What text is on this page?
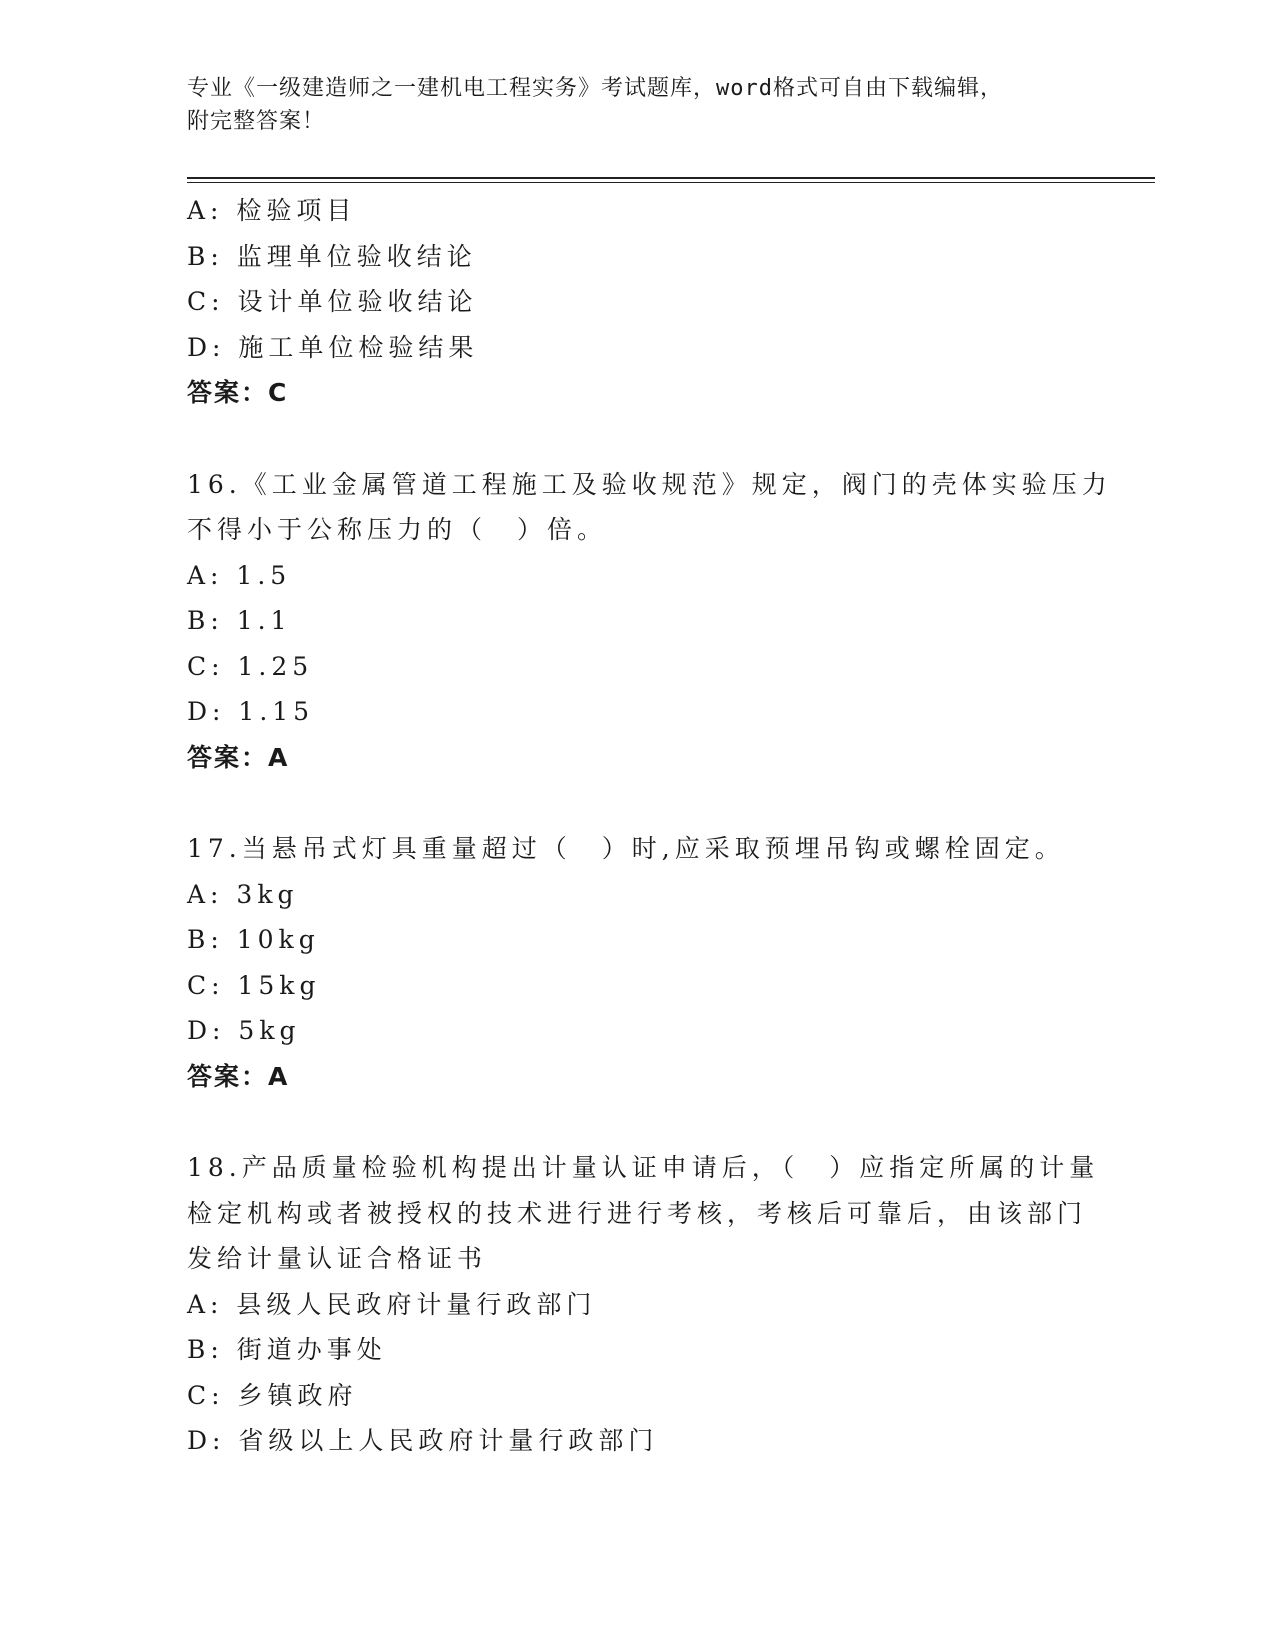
专业《一级建造师之一建机电工程实务》考试题库，word格式可自由下载编辑，
附完整答案！
A: 检验项目
B: 监理单位验收结论
C: 设计单位验收结论
D: 施工单位检验结果
答案：C
16.《工业金属管道工程施工及验收规范》规定，阀门的壳体实验压力
不得小于公称压力的（　）倍。
A: 1.5
B: 1.1
C: 1.25
D: 1.15
答案：A
17.当悬吊式灯具重量超过（　）时,应采取预埋吊钩或螺栓固定。
A: 3kg
B: 10kg
C: 15kg
D: 5kg
答案：A
18.产品质量检验机构提出计量认证申请后，（　）应指定所属的计量
检定机构或者被授权的技术进行进行考核，考核后可靠后，由该部门
发给计量认证合格证书
A: 县级人民政府计量行政部门
B: 街道办事处
C: 乡镇政府
D: 省级以上人民政府计量行政部门
